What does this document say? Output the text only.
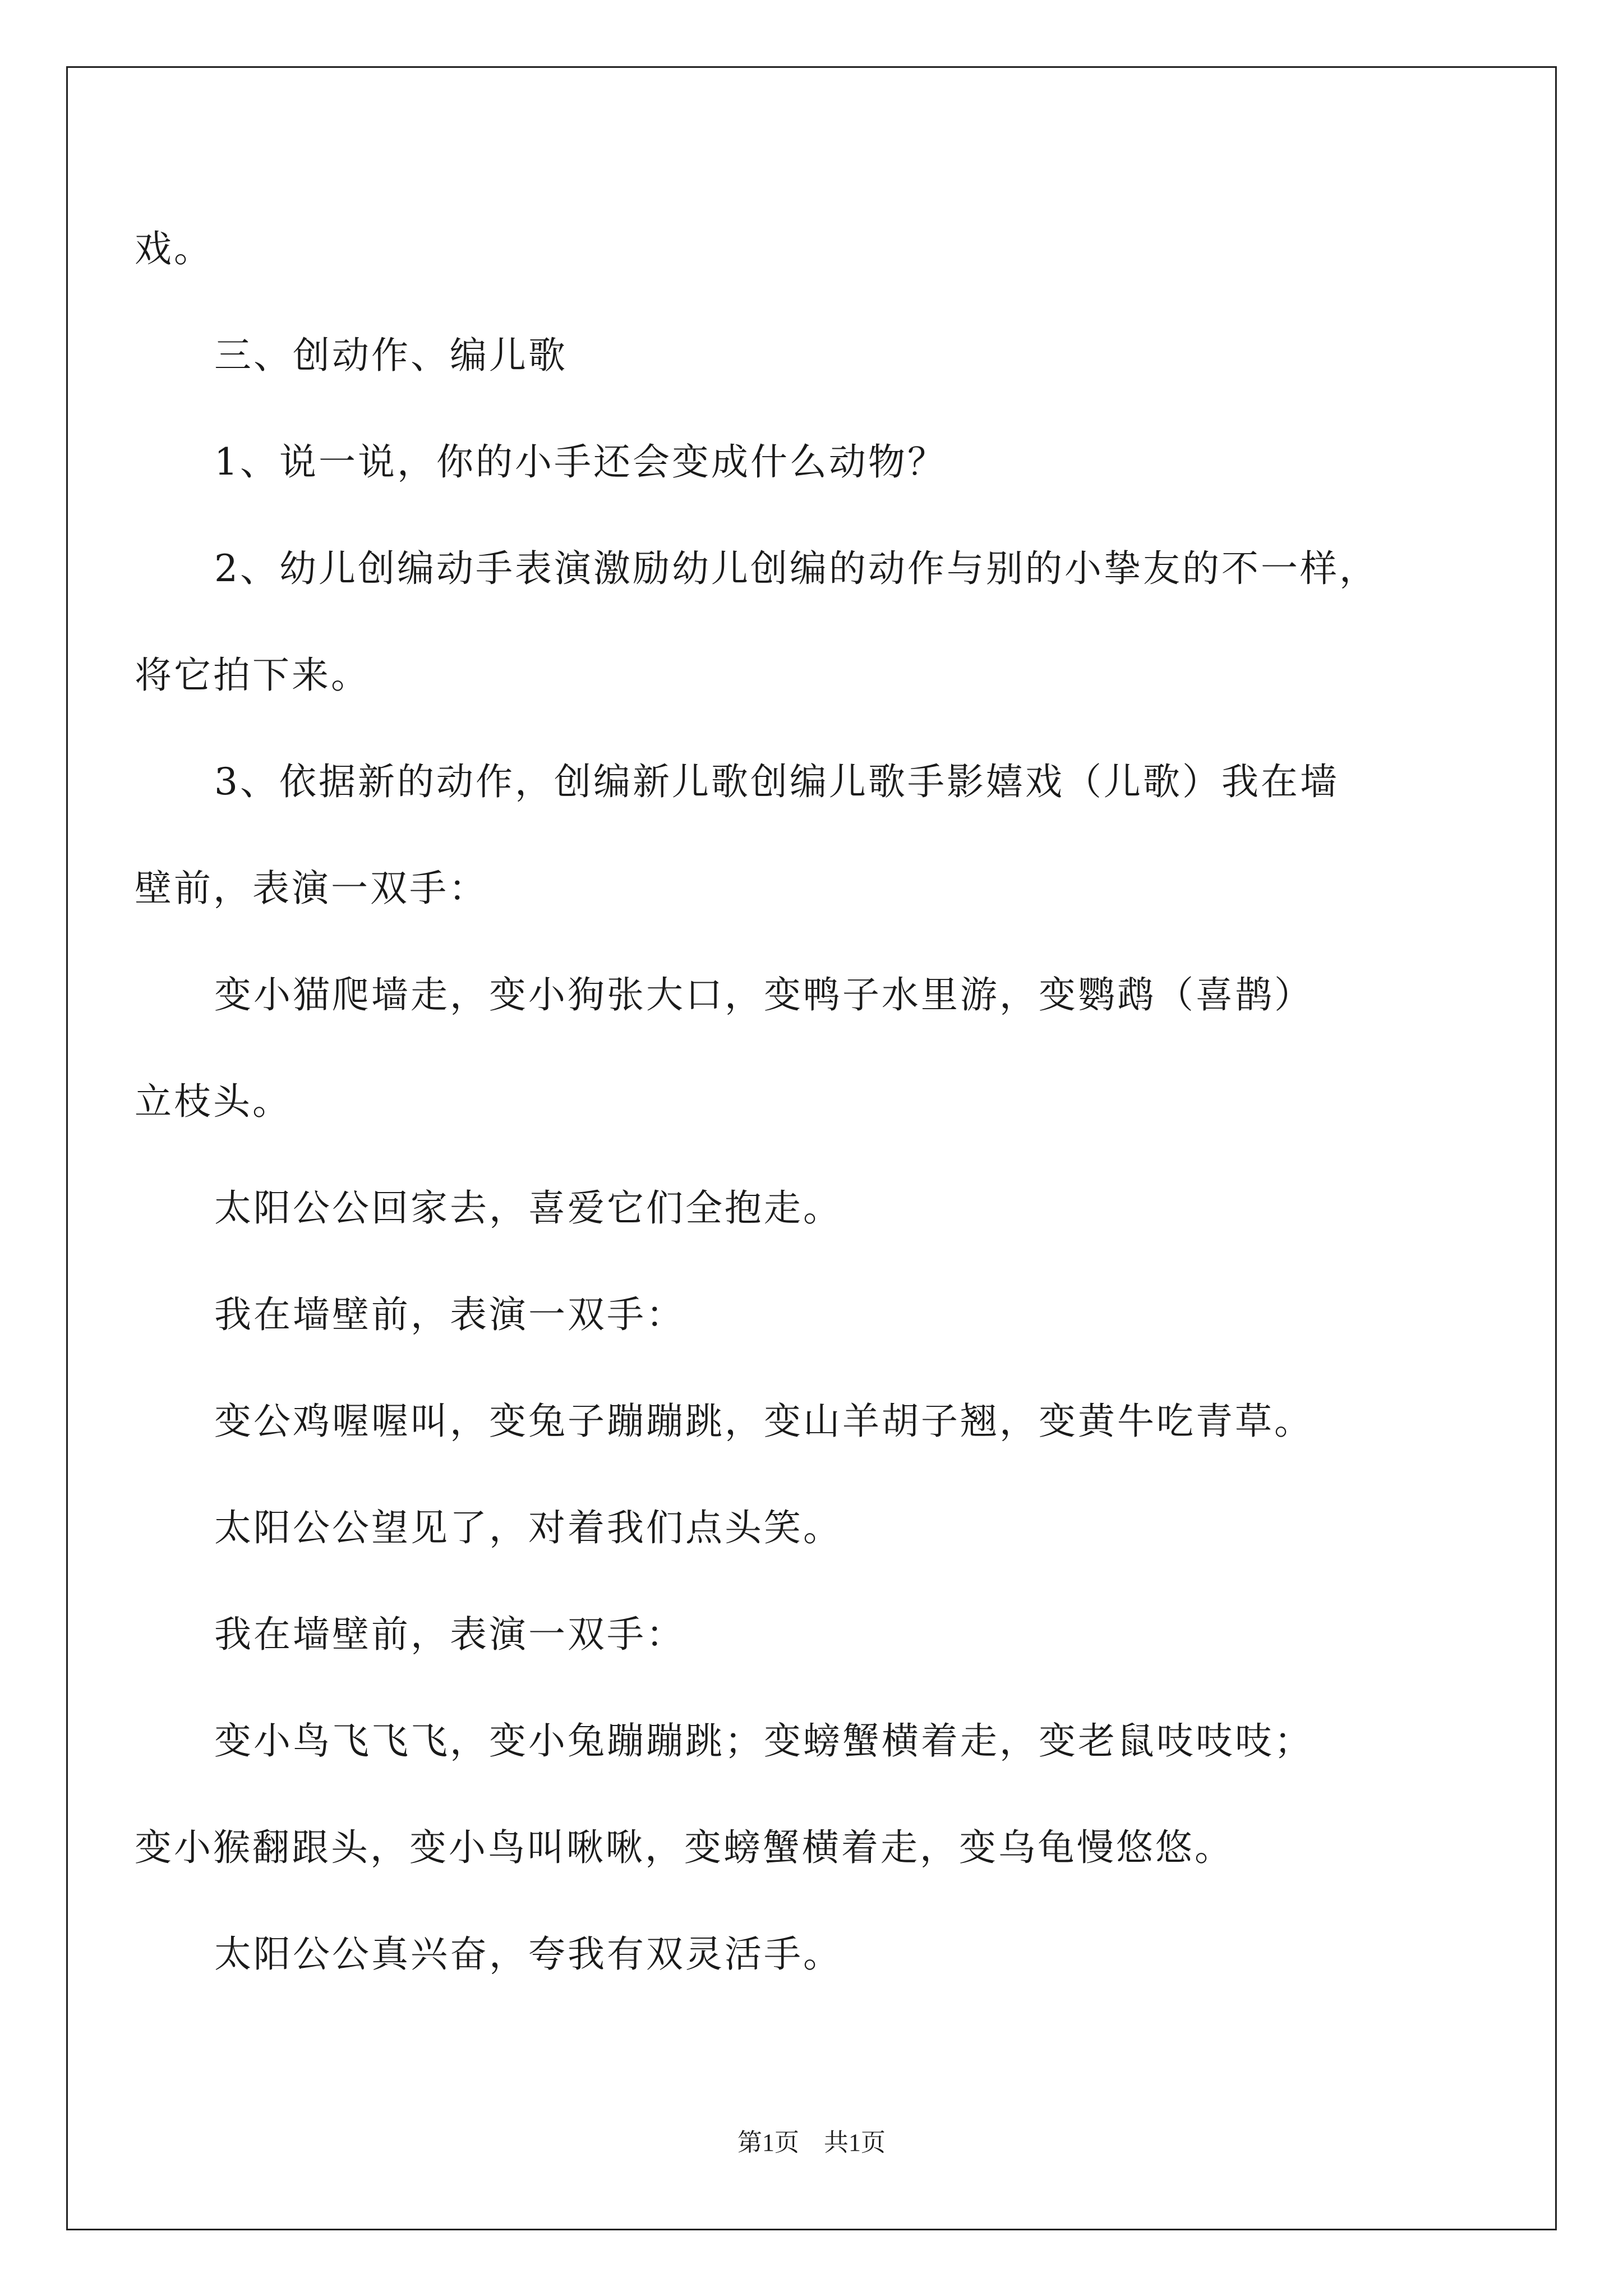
戏。

三、创动作、编儿歌

1、说一说，你的小手还会变成什么动物？

2、幼儿创编动手表演激励幼儿创编的动作与别的小挚友的不一样，

将它拍下来。

3、依据新的动作，创编新儿歌创编儿歌手影嬉戏（儿歌）我在墙

壁前，表演一双手：

变小猫爬墙走，变小狗张大口，变鸭子水里游，变鹦鹉（喜鹊）

立枝头。

太阳公公回家去，喜爱它们全抱走。

我在墙壁前，表演一双手：

变公鸡喔喔叫，变兔子蹦蹦跳，变山羊胡子翘，变黄牛吃青草。

太阳公公望见了，对着我们点头笑。

我在墙壁前，表演一双手：

变小鸟飞飞飞，变小兔蹦蹦跳；变螃蟹横着走，变老鼠吱吱吱；

变小猴翻跟头，变小鸟叫啾啾，变螃蟹横着走，变乌龟慢悠悠。

太阳公公真兴奋，夸我有双灵活手。

第1页　共1页
